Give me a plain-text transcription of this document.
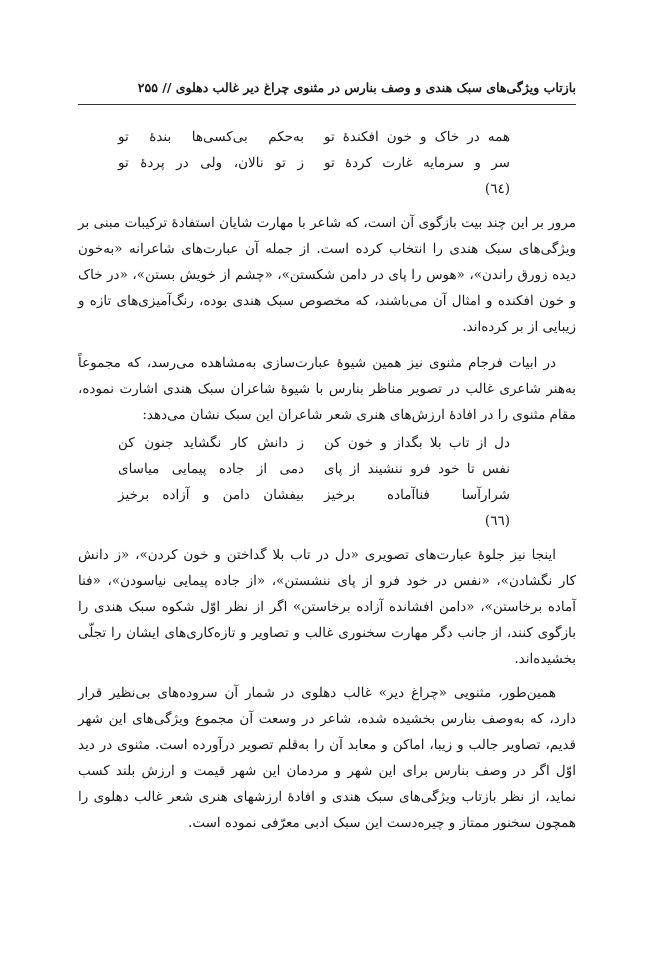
بازتاب ویژگی‌های سبک هندی و وصف بنارس در مثنوی چراغ دیر غالب دهلوی // ۲۵۵
همه در خاک و خون افکندهٔ تو
به‌حکم بی‌کسی‌ها بندهٔ تو
سر و سرمایه غارت کردهٔ تو
ز تو نالان، ولی در پردهٔ تو
(٦٤)

مرور بر این چند بیت بازگوی آن است، که شاعر با مهارت شایان استفادهٔ ترکیبات مبنی بر ویژگی‌های سبک هندی را انتخاب کرده است. از جمله آن عبارت‌های شاعرانه «به‌خون دیده زورق راندن»، «هوس را پای در دامن شکستن»، «چشم از خویش بستن»، «در خاک و خون افکنده و امثال آن می‌باشند، که مخصوص سبک هندی بوده، رنگ‌آمیزی‌های تازه و زیبایی از بر کرده‌اند.

در ابیات فرجام مثنوی نیز همین شیوهٔ عبارت‌سازی به‌مشاهده می‌رسد، که مجموعاً به‌هنر شاعری غالب در تصویر مناظر بنارس با شیوهٔ شاعران سبک هندی اشارت نموده، مقام مثنوی را در افادهٔ ارزش‌های هنری شعر شاعران این سبک نشان می‌دهد:

دل از تاب بلا بگداز و خون کن
ز دانش کار نگشاید جنون کن
نفس تا خود فرو ننشیند از پای
دمی از جاده پیمایی میاسای
شرارآسا فناآماده برخیز
بیفشان دامن و آزاده برخیز
(٦٦)

اینجا نیز جلوهٔ عبارت‌های تصویری «دل در تاب بلا گداختن و خون کردن»، «ز دانش کار نگشادن»، «نفس در خود فرو از پای ننشستن»، «از جاده پیمایی نیاسودن»، «فنا آماده برخاستن»، «دامن افشانده آزاده برخاستن» اگر از نظر اوّل شکوه سبک هندی را بازگوی کنند، از جانب دگر مهارت سخنوری غالب و تصاویر و تازه‌کاری‌های ایشان را تجلّی بخشیده‌اند.

همین‌طور، مثنویی «چراغ دیر» غالب دهلوی در شمار آن سروده‌های بی‌نظیر قرار دارد، که به‌وصف بنارس بخشیده شده، شاعر در وسعت آن مجموع ویژگی‌های این شهر قدیم، تصاویر جالب و زیبا، اماکن و معابد آن را به‌قلم تصویر درآورده است. مثنوی در دید اوّل اگر در وصف بنارس برای این شهر و مردمان این شهر قیمت و ارزش بلند کسب نماید، از نظر بازتاب ویژگی‌های سبک هندی و افادهٔ ارزشهای هنری شعر غالب دهلوی را همچون سخنور ممتاز و چیره‌دست این سبک ادبی معرّفی نموده است.
